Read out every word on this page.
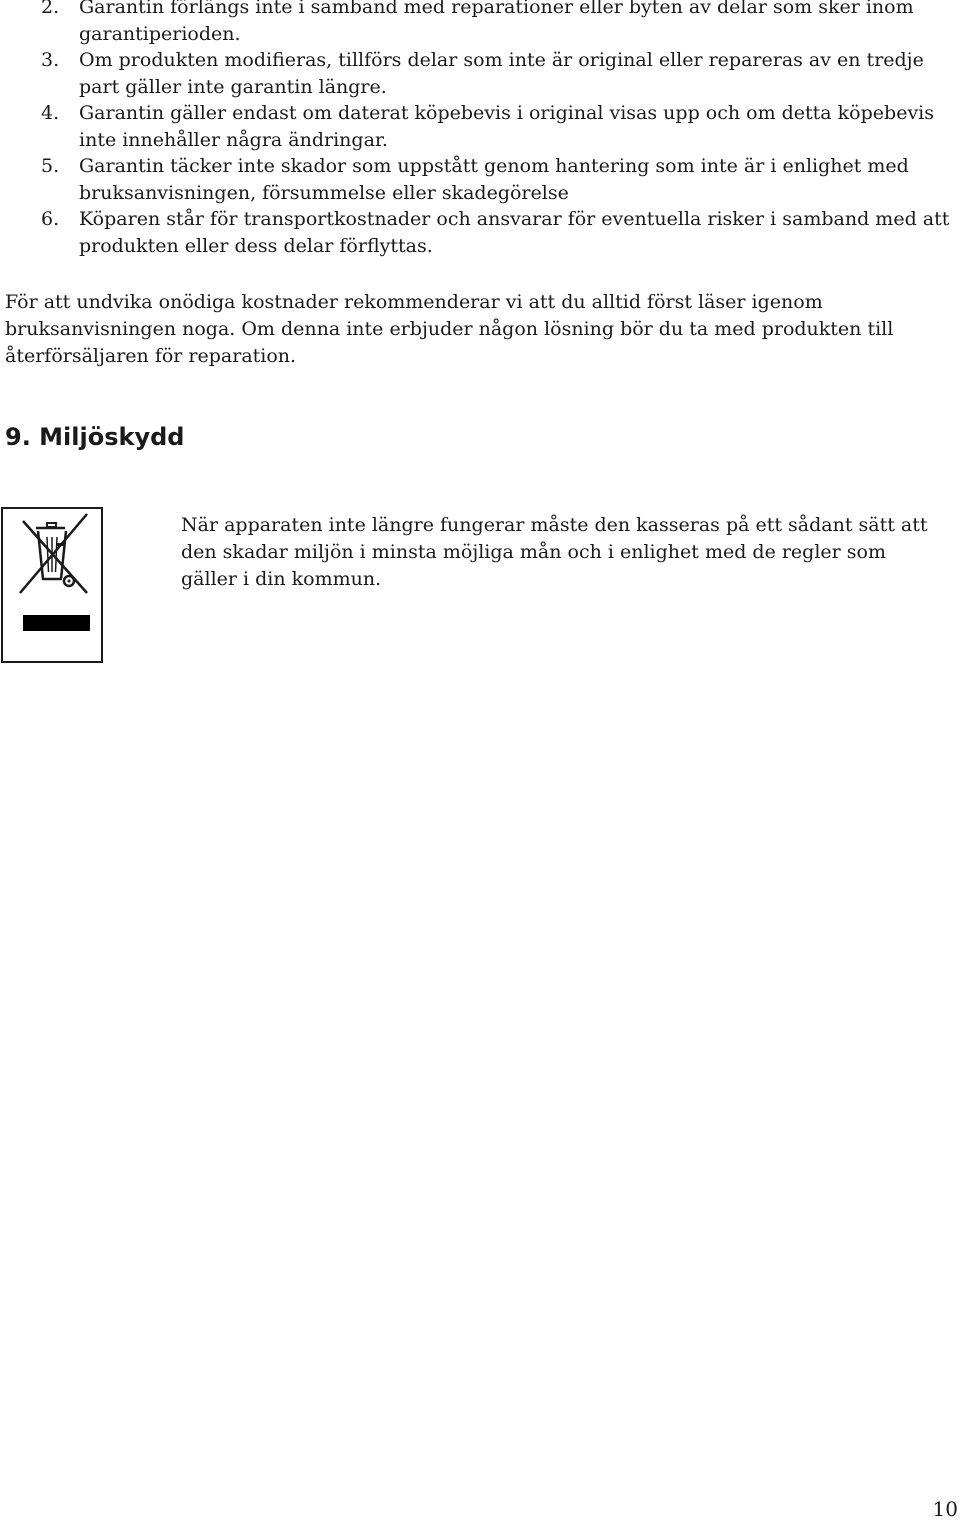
2. Garantin förlängs inte i samband med reparationer eller byten av delar som sker inom garantiperioden.
3. Om produkten modifieras, tillförs delar som inte är original eller repareras av en tredje part gäller inte garantin längre.
4. Garantin gäller endast om daterat köpebevis i original visas upp och om detta köpebevis inte innehåller några ändringar.
5. Garantin täcker inte skador som uppstått genom hantering som inte är i enlighet med bruksanvisningen, försummelse eller skadegörelse
6. Köparen står för transportkostnader och ansvarar för eventuella risker i samband med att produkten eller dess delar förflyttas.

För att undvika onödiga kostnader rekommenderar vi att du alltid först läser igenom bruksanvisningen noga. Om denna inte erbjuder någon lösning bör du ta med produkten till återförsäljaren för reparation.

9. Miljöskydd

När apparaten inte längre fungerar måste den kasseras på ett sådant sätt att den skadar miljön i minsta möjliga mån och i enlighet med de regler som gäller i din kommun.

10
